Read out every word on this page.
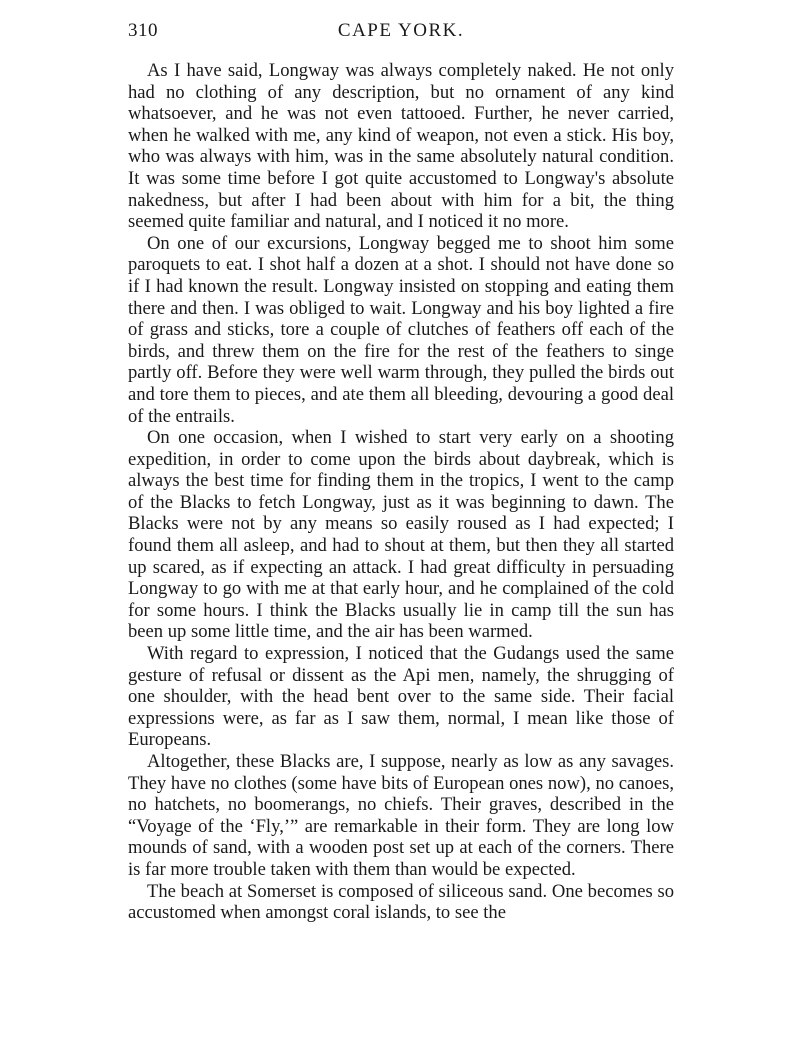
310	CAPE YORK.

As I have said, Longway was always completely naked. He not only had no clothing of any description, but no ornament of any kind whatsoever, and he was not even tattooed. Further, he never carried, when he walked with me, any kind of weapon, not even a stick. His boy, who was always with him, was in the same absolutely natural condition. It was some time before I got quite accustomed to Longway's absolute nakedness, but after I had been about with him for a bit, the thing seemed quite familiar and natural, and I noticed it no more.

On one of our excursions, Longway begged me to shoot him some paroquets to eat. I shot half a dozen at a shot. I should not have done so if I had known the result. Longway insisted on stopping and eating them there and then. I was obliged to wait. Longway and his boy lighted a fire of grass and sticks, tore a couple of clutches of feathers off each of the birds, and threw them on the fire for the rest of the feathers to singe partly off. Before they were well warm through, they pulled the birds out and tore them to pieces, and ate them all bleeding, devouring a good deal of the entrails.

On one occasion, when I wished to start very early on a shooting expedition, in order to come upon the birds about daybreak, which is always the best time for finding them in the tropics, I went to the camp of the Blacks to fetch Longway, just as it was beginning to dawn. The Blacks were not by any means so easily roused as I had expected; I found them all asleep, and had to shout at them, but then they all started up scared, as if expecting an attack. I had great difficulty in persuading Longway to go with me at that early hour, and he complained of the cold for some hours. I think the Blacks usually lie in camp till the sun has been up some little time, and the air has been warmed.

With regard to expression, I noticed that the Gudangs used the same gesture of refusal or dissent as the Api men, namely, the shrugging of one shoulder, with the head bent over to the same side. Their facial expressions were, as far as I saw them, normal, I mean like those of Europeans.

Altogether, these Blacks are, I suppose, nearly as low as any savages. They have no clothes (some have bits of European ones now), no canoes, no hatchets, no boomerangs, no chiefs. Their graves, described in the “Voyage of the ‘Fly,’” are remarkable in their form. They are long low mounds of sand, with a wooden post set up at each of the corners. There is far more trouble taken with them than would be expected.

The beach at Somerset is composed of siliceous sand. One becomes so accustomed when amongst coral islands, to see the
